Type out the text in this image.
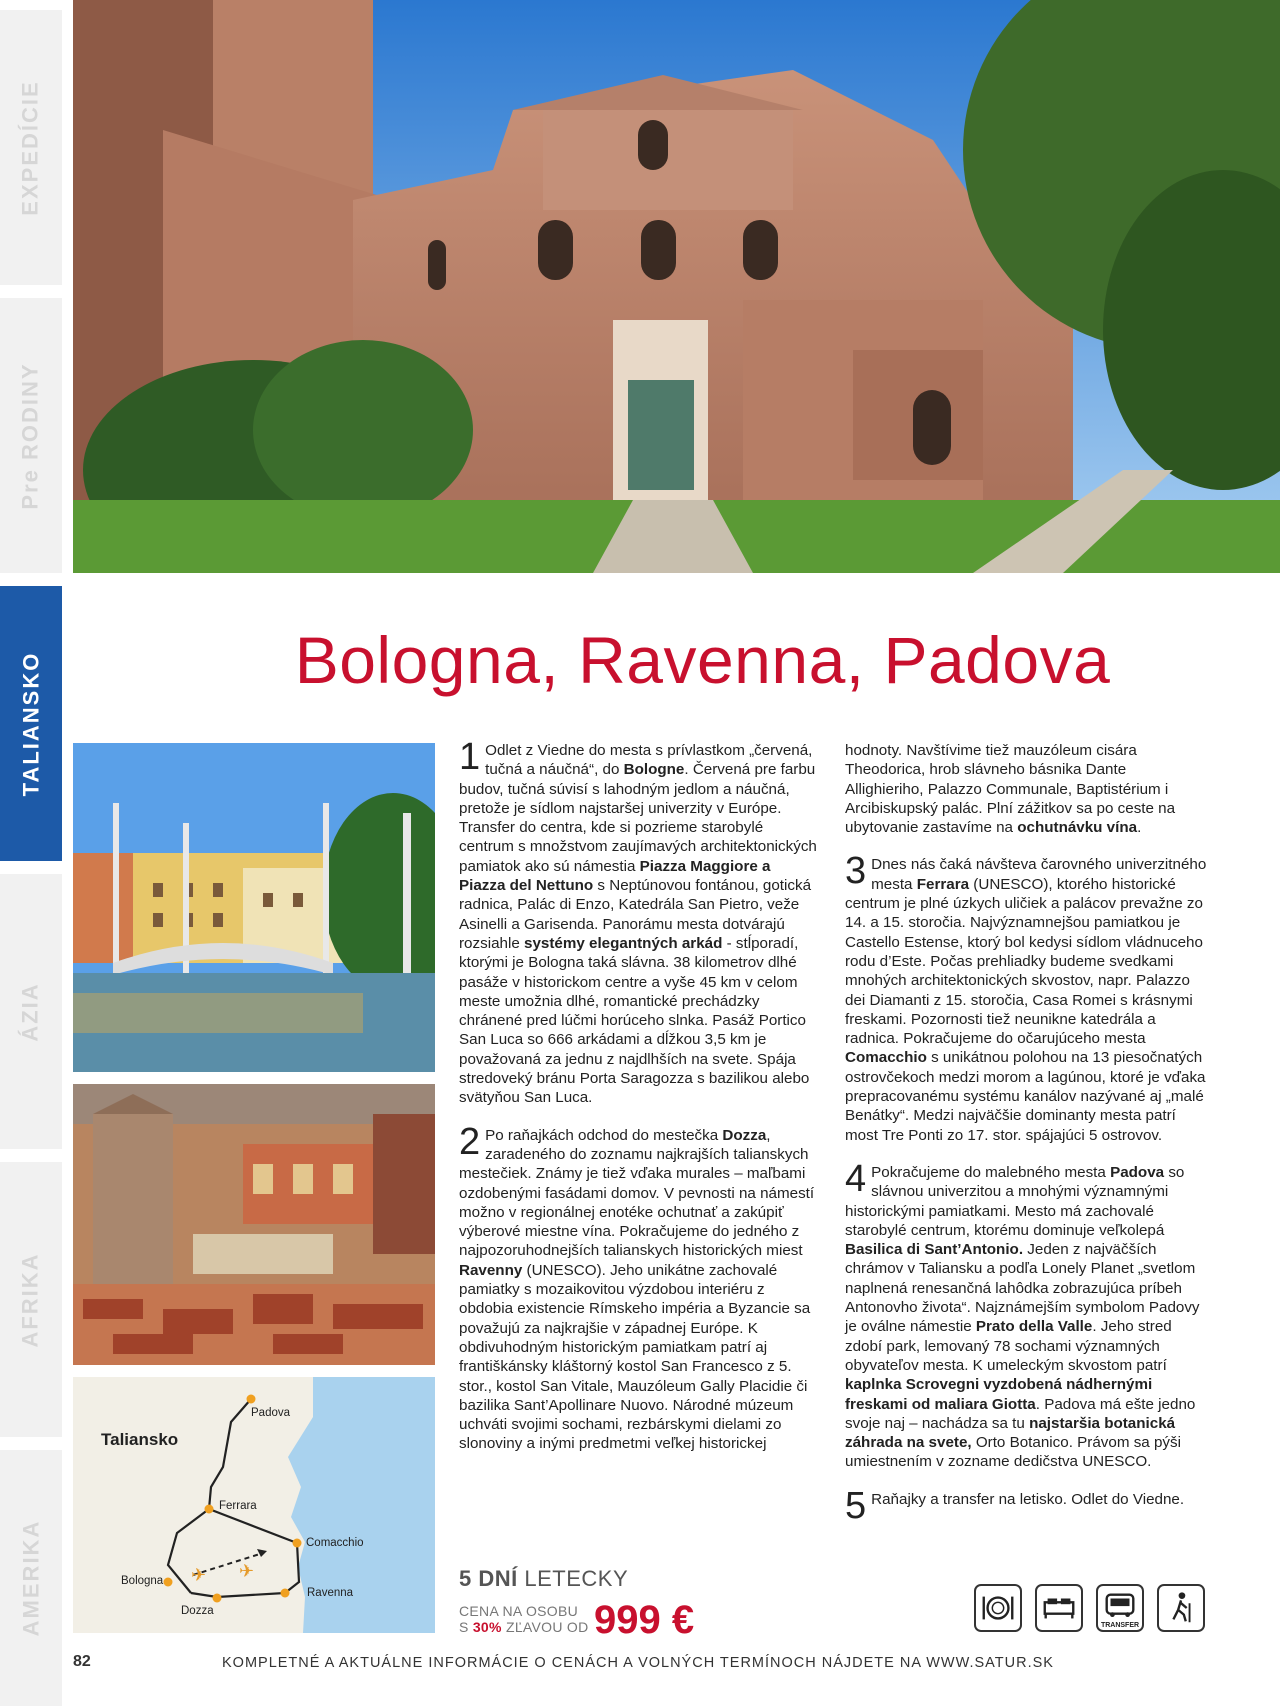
EXPEDÍCIE
Pre RODINY
TALIANSKO
ÁZIA
AFRIKA
AMERIKA
Bologna, Ravenna, Padova
✈ ✈
Taliansko
Padova
Ferrara
Comacchio
Bologna
Dozza
Ravenna

1 Odlet z Viedne do mesta s prívlastkom „červená, tučná a náučná“, do Bologne. Červená pre farbu budov, tučná súvisí s lahodným jedlom a náučná, pretože je sídlom najstaršej univerzity v Európe. Transfer do centra, kde si pozrieme starobylé centrum s množstvom zaujímavých architektonických pamiatok ako sú námestia Piazza Maggiore a Piazza del Nettuno s Neptúnovou fontánou, gotická radnica, Palác di Enzo, Katedrála San Pietro, veže Asinelli a Garisenda. Panorámu mesta dotvárajú rozsiahle systémy elegantných arkád - stĺporadí, ktorými je Bologna taká slávna. 38 kilometrov dlhé pasáže v historickom centre a vyše 45 km v celom meste umožnia dlhé, romantické prechádzky chránené pred lúčmi horúceho slnka. Pasáž Portico San Luca so 666 arkádami a dĺžkou 3,5 km je považovaná za jednu z najdlhších na svete. Spája stredoveký bránu Porta Saragozza s bazilikou alebo svätyňou San Luca.

2 Po raňajkách odchod do mestečka Dozza, zaradeného do zoznamu najkrajších talianskych mestečiek. Známy je tiež vďaka murales – maľbami ozdobenými fasádami domov. V pevnosti na námestí možno v regionálnej enotéke ochutnať a zakúpiť výberové miestne vína. Pokračujeme do jedného z najpozoruhodnejších talianskych historických miest Ravenny (UNESCO). Jeho unikátne zachovalé pamiatky s mozaikovitou výzdobou interiéru z obdobia existencie Rímskeho impéria a Byzancie sa považujú za najkrajšie v západnej Európe. K obdivuhodným historickým pamiatkam patrí aj františkánsky kláštorný kostol San Francesco z 5. stor., kostol San Vitale, Mauzóleum Gally Placidie či bazilika Sant’Apollinare Nuovo. Národné múzeum uchváti svojimi sochami, rezbárskymi dielami zo slonoviny a inými predmetmi veľkej historickej

hodnoty. Navštívime tiež mauzóleum cisára Theodorica, hrob slávneho básnika Dante Allighieriho, Palazzo Communale, Baptistérium i Arcibiskupský palác. Plní zážitkov sa po ceste na ubytovanie zastavíme na ochutnávku vína.

3 Dnes nás čaká návšteva čarovného univerzitného mesta Ferrara (UNESCO), ktorého historické centrum je plné úzkych uličiek a palácov prevažne zo 14. a 15. storočia. Najvýznamnejšou pamiatkou je Castello Estense, ktorý bol kedysi sídlom vládnuceho rodu d’Este. Počas prehliadky budeme svedkami mnohých architektonických skvostov, napr. Palazzo dei Diamanti z 15. storočia, Casa Romei s krásnymi freskami. Pozornosti tiež neunikne katedrála a radnica. Pokračujeme do očarujúceho mesta Comacchio s unikátnou polohou na 13 piesočnatých ostrovčekoch medzi morom a lagúnou, ktoré je vďaka prepracovanému systému kanálov nazývané aj „malé Benátky“. Medzi najväčšie dominanty mesta patrí most Tre Ponti zo 17. stor. spájajúci 5 ostrovov.

4 Pokračujeme do malebného mesta Padova so slávnou univerzitou a mnohými významnými historickými pamiatkami. Mesto má zachovalé starobylé centrum, ktorému dominuje veľkolepá Basilica di Sant’Antonio. Jeden z najväčších chrámov v Taliansku a podľa Lonely Planet „svetlom naplnená renesančná lahôdka zobrazujúca príbeh Antonovho života“. Najznámejším symbolom Padovy je oválne námestie Prato della Valle. Jeho stred zdobí park, lemovaný 78 sochami významných obyvateľov mesta. K umeleckým skvostom patrí kaplnka Scrovegni vyzdobená nádhernými freskami od maliara Giotta. Padova má ešte jedno svoje naj – nachádza sa tu najstaršia botanická záhrada na svete, Orto Botanico. Právom sa pýši umiestnením v zozname dedičstva UNESCO.

5 Raňajky a transfer na letisko. Odlet do Viedne.

5 DNÍ LETECKY
CENA NA OSOBU
S 30% ZĽAVOU OD 999 €	TRANSFER
82	KOMPLETNÉ A AKTUÁLNE INFORMÁCIE O CENÁCH A VOLNÝCH TERMÍNOCH NÁJDETE NA WWW.SATUR.SK
